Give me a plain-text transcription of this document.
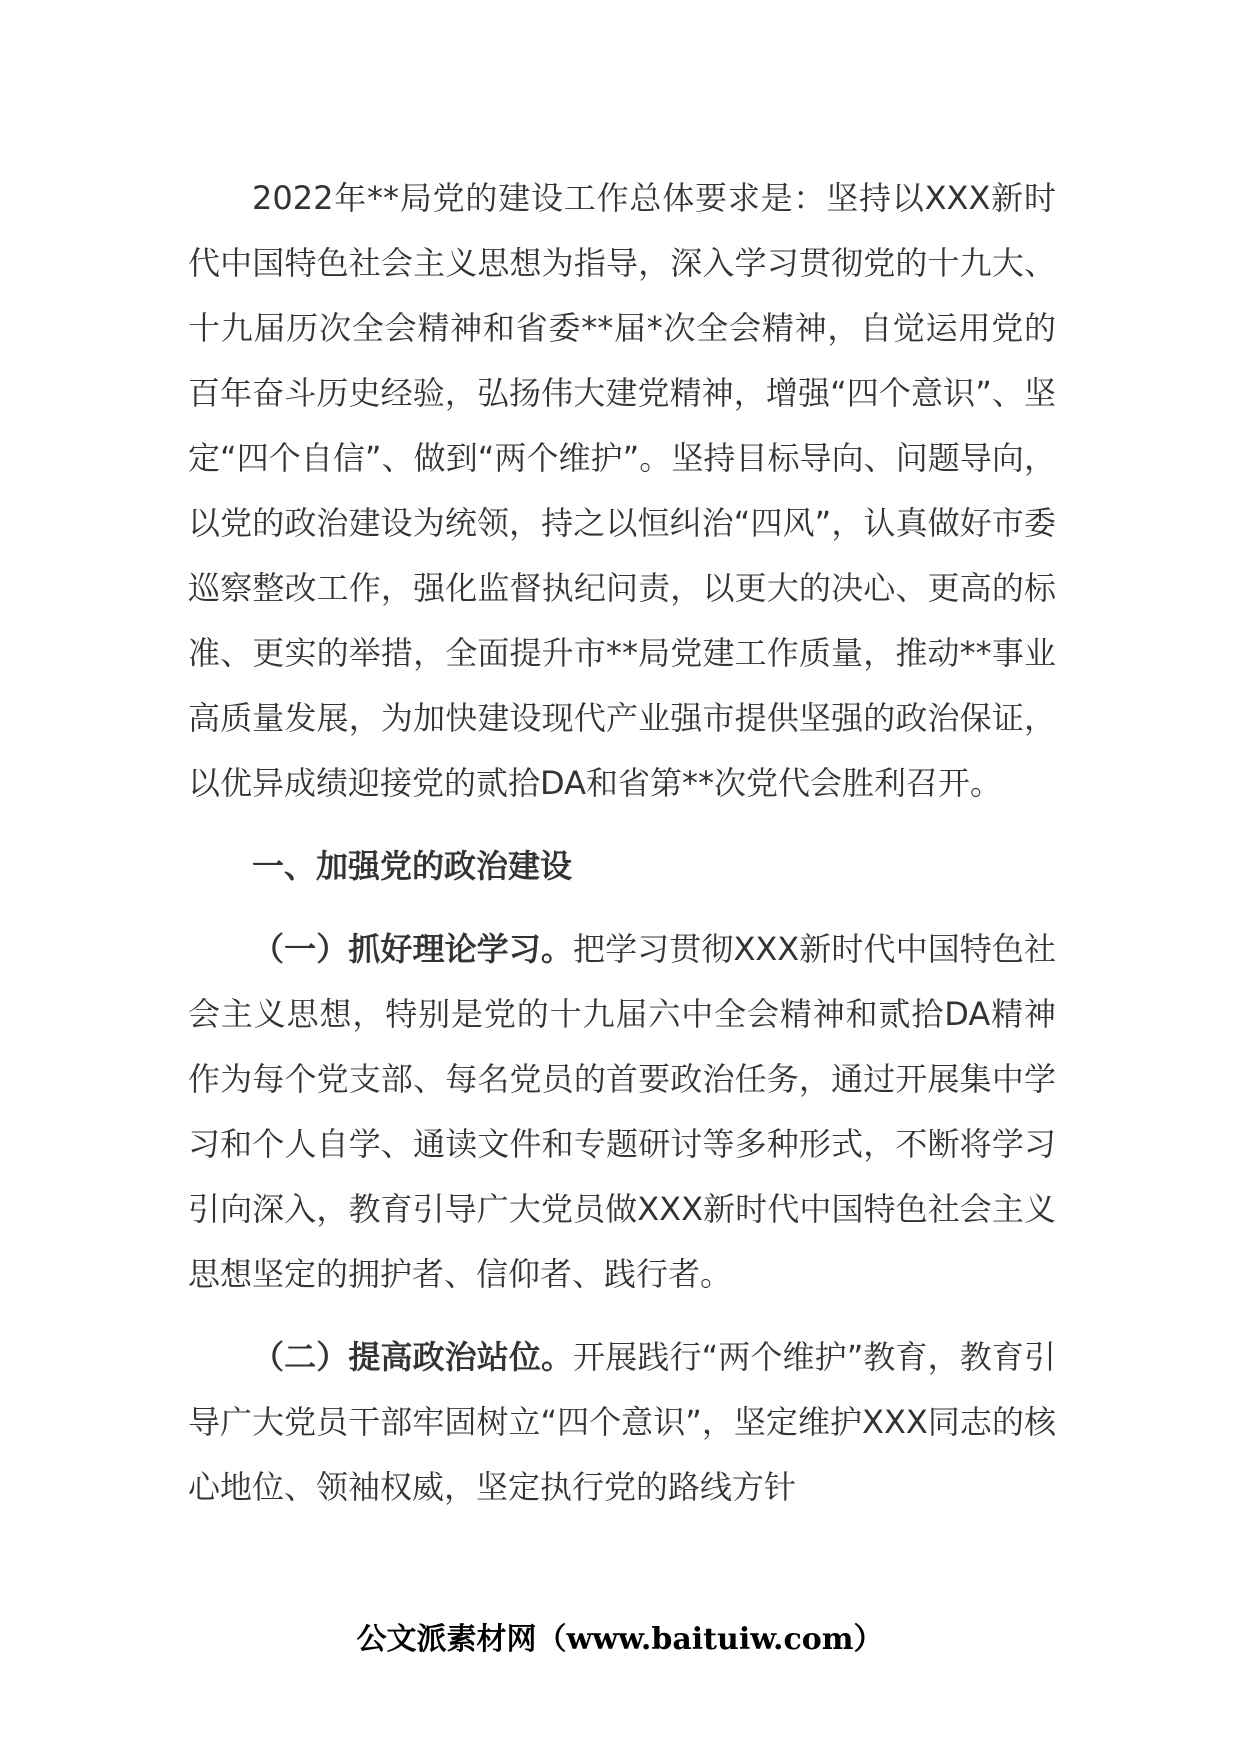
2022年**局党的建设工作总体要求是：坚持以XXX新时代中国特色社会主义思想为指导，深入学习贯彻党的十九大、十九届历次全会精神和省委**届*次全会精神，自觉运用党的百年奋斗历史经验，弘扬伟大建党精神，增强“四个意识”、坚定“四个自信”、做到“两个维护”。坚持目标导向、问题导向，以党的政治建设为统领，持之以恒纠治“四风”，认真做好市委巡察整改工作，强化监督执纪问责，以更大的决心、更高的标准、更实的举措，全面提升市**局党建工作质量，推动**事业高质量发展，为加快建设现代产业强市提供坚强的政治保证，以优异成绩迎接党的贰拾DA和省第**次党代会胜利召开。

一、加强党的政治建设

（一）抓好理论学习。把学习贯彻XXX新时代中国特色社会主义思想，特别是党的十九届六中全会精神和贰拾DA精神作为每个党支部、每名党员的首要政治任务，通过开展集中学习和个人自学、通读文件和专题研讨等多种形式，不断将学习引向深入，教育引导广大党员做XXX新时代中国特色社会主义思想坚定的拥护者、信仰者、践行者。

（二）提高政治站位。开展践行“两个维护”教育，教育引导广大党员干部牢固树立“四个意识”，坚定维护XXX同志的核心地位、领袖权威，坚定执行党的路线方针

公文派素材网（www.baituiw.com）
